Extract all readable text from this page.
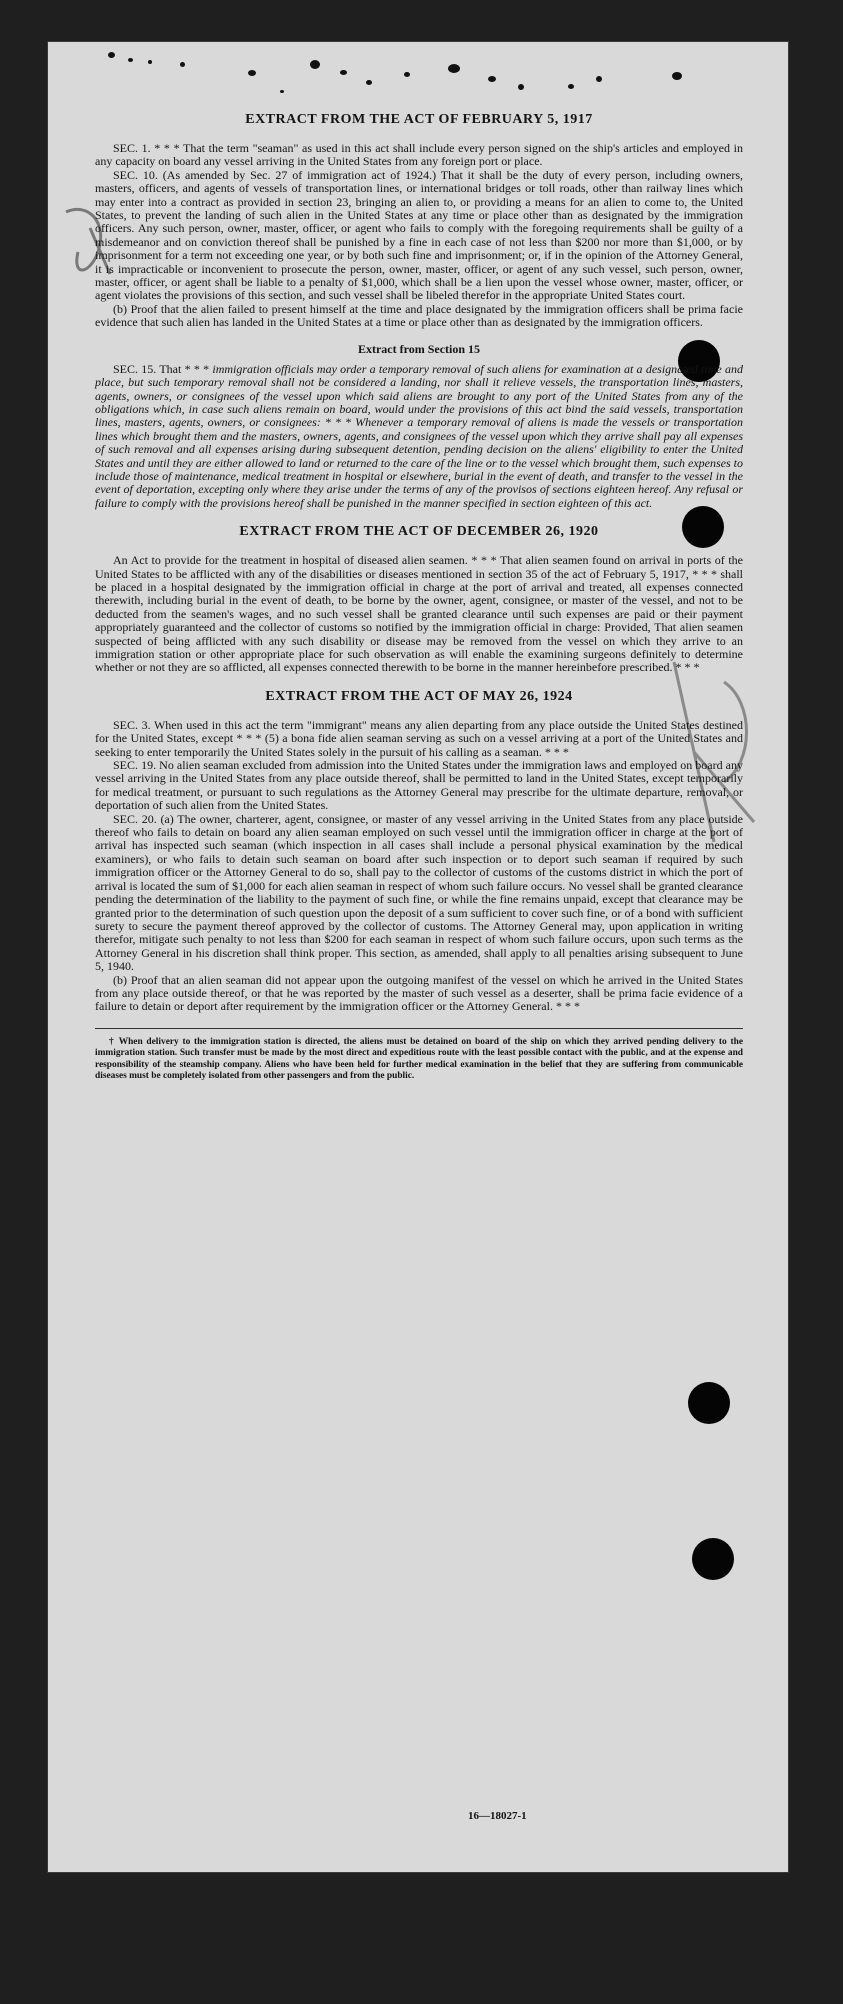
EXTRACT FROM THE ACT OF FEBRUARY 5, 1917

SEC. 1. * * * That the term "seaman" as used in this act shall include every person signed on the ship's articles and employed in any capacity on board any vessel arriving in the United States from any foreign port or place.

SEC. 10. (As amended by Sec. 27 of immigration act of 1924.) That it shall be the duty of every person, including owners, masters, officers, and agents of vessels of transportation lines, or international bridges or toll roads, other than railway lines which may enter into a contract as provided in section 23, bringing an alien to, or providing a means for an alien to come to, the United States, to prevent the landing of such alien in the United States at any time or place other than as designated by the immigration officers. Any such person, owner, master, officer, or agent who fails to comply with the foregoing requirements shall be guilty of a misdemeanor and on conviction thereof shall be punished by a fine in each case of not less than $200 nor more than $1,000, or by imprisonment for a term not exceeding one year, or by both such fine and imprisonment; or, if in the opinion of the Attorney General, it is impracticable or inconvenient to prosecute the person, owner, master, officer, or agent of any such vessel, such person, owner, master, officer, or agent shall be liable to a penalty of $1,000, which shall be a lien upon the vessel whose owner, master, officer, or agent violates the provisions of this section, and such vessel shall be libeled therefor in the appropriate United States court.

(b) Proof that the alien failed to present himself at the time and place designated by the immigration officers shall be prima facie evidence that such alien has landed in the United States at a time or place other than as designated by the immigration officers.

Extract from Section 15

SEC. 15. That * * * immigration officials may order a temporary removal of such aliens for examination at a designated time and place, but such temporary removal shall not be considered a landing, nor shall it relieve vessels, the transportation lines, masters, agents, owners, or consignees of the vessel upon which said aliens are brought to any port of the United States from any of the obligations which, in case such aliens remain on board, would under the provisions of this act bind the said vessels, transportation lines, masters, agents, owners, or consignees: * * * Whenever a temporary removal of aliens is made the vessels or transportation lines which brought them and the masters, owners, agents, and consignees of the vessel upon which they arrive shall pay all expenses of such removal and all expenses arising during subsequent detention, pending decision on the aliens' eligibility to enter the United States and until they are either allowed to land or returned to the care of the line or to the vessel which brought them, such expenses to include those of maintenance, medical treatment in hospital or elsewhere, burial in the event of death, and transfer to the vessel in the event of deportation, excepting only where they arise under the terms of any of the provisos of sections eighteen hereof. Any refusal or failure to comply with the provisions hereof shall be punished in the manner specified in section eighteen of this act.

EXTRACT FROM THE ACT OF DECEMBER 26, 1920

An Act to provide for the treatment in hospital of diseased alien seamen. * * * That alien seamen found on arrival in ports of the United States to be afflicted with any of the disabilities or diseases mentioned in section 35 of the act of February 5, 1917, * * * shall be placed in a hospital designated by the immigration official in charge at the port of arrival and treated, all expenses connected therewith, including burial in the event of death, to be borne by the owner, agent, consignee, or master of the vessel, and not to be deducted from the seamen's wages, and no such vessel shall be granted clearance until such expenses are paid or their payment appropriately guaranteed and the collector of customs so notified by the immigration official in charge: Provided, That alien seamen suspected of being afflicted with any such disability or disease may be removed from the vessel on which they arrive to an immigration station or other appropriate place for such observation as will enable the examining surgeons definitely to determine whether or not they are so afflicted, all expenses connected therewith to be borne in the manner hereinbefore prescribed. * * *

EXTRACT FROM THE ACT OF MAY 26, 1924

SEC. 3. When used in this act the term "immigrant" means any alien departing from any place outside the United States destined for the United States, except * * * (5) a bona fide alien seaman serving as such on a vessel arriving at a port of the United States and seeking to enter temporarily the United States solely in the pursuit of his calling as a seaman. * * *

SEC. 19. No alien seaman excluded from admission into the United States under the immigration laws and employed on board any vessel arriving in the United States from any place outside thereof, shall be permitted to land in the United States, except temporarily for medical treatment, or pursuant to such regulations as the Attorney General may prescribe for the ultimate departure, removal, or deportation of such alien from the United States.

SEC. 20. (a) The owner, charterer, agent, consignee, or master of any vessel arriving in the United States from any place outside thereof who fails to detain on board any alien seaman employed on such vessel until the immigration officer in charge at the port of arrival has inspected such seaman (which inspection in all cases shall include a personal physical examination by the medical examiners), or who fails to detain such seaman on board after such inspection or to deport such seaman if required by such immigration officer or the Attorney General to do so, shall pay to the collector of customs of the customs district in which the port of arrival is located the sum of $1,000 for each alien seaman in respect of whom such failure occurs. No vessel shall be granted clearance pending the determination of the liability to the payment of such fine, or while the fine remains unpaid, except that clearance may be granted prior to the determination of such question upon the deposit of a sum sufficient to cover such fine, or of a bond with sufficient surety to secure the payment thereof approved by the collector of customs. The Attorney General may, upon application in writing therefor, mitigate such penalty to not less than $200 for each seaman in respect of whom such failure occurs, upon such terms as the Attorney General in his discretion shall think proper. This section, as amended, shall apply to all penalties arising subsequent to June 5, 1940.

(b) Proof that an alien seaman did not appear upon the outgoing manifest of the vessel on which he arrived in the United States from any place outside thereof, or that he was reported by the master of such vessel as a deserter, shall be prima facie evidence of a failure to detain or deport after requirement by the immigration officer or the Attorney General. * * *

† When delivery to the immigration station is directed, the aliens must be detained on board of the ship on which they arrived pending delivery to the immigration station. Such transfer must be made by the most direct and expeditious route with the least possible contact with the public, and at the expense and responsibility of the steamship company. Aliens who have been held for further medical examination in the belief that they are suffering from communicable diseases must be completely isolated from other passengers and from the public.

16—18027-1
